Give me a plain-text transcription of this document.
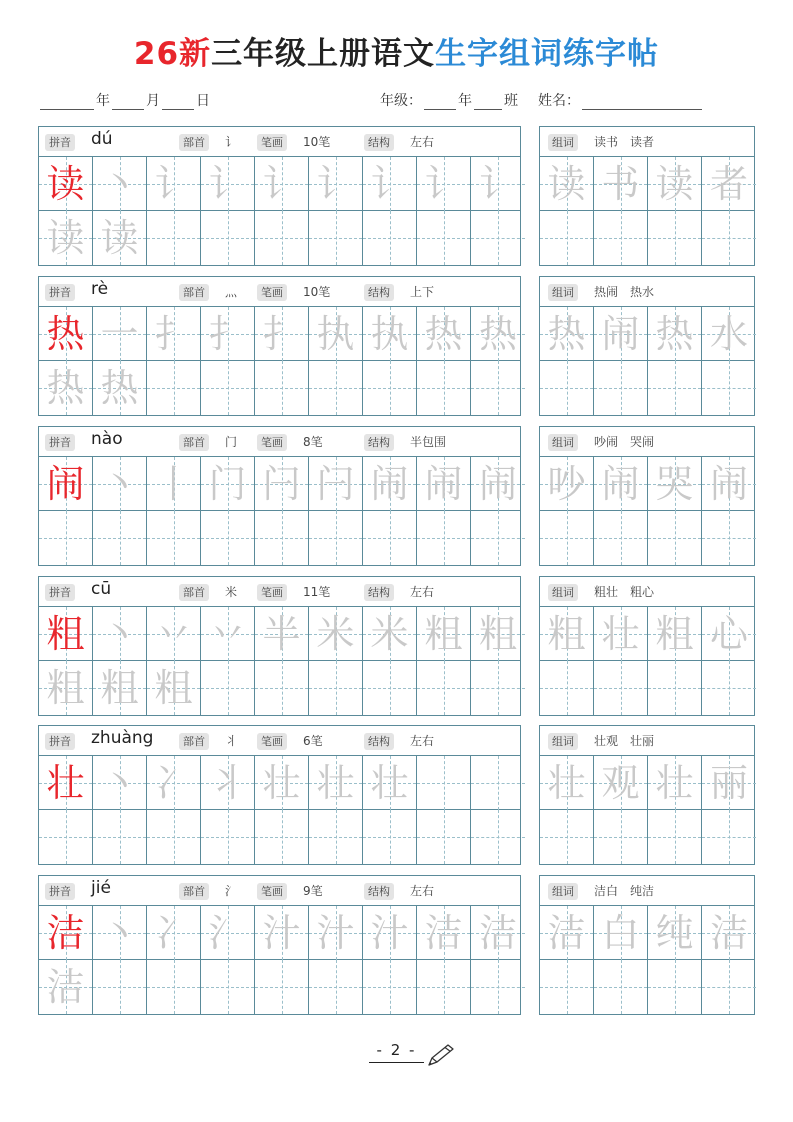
26新三年级上册语文生字组词练字帖
年	月	日	年级：	年 班 姓名：
拼音 dú	部首	讠	笔画	10笔	结构	左右
读 丶 讠 讠 讠 讠 讠 讠 讠
读 读
组词	读书　读者
读 书 读 者
拼音 rè	部首	灬	笔画	10笔	结构	上下
热 一 扌 扌 扌 执 执 热 热
热 热
组词	热闹　热水
热 闹 热 水
拼音 nào	部首	门	笔画	8笔	结构	半包围
闹 丶 丨 门 闩 闩 闹 闹 闹
组词	吵闹　哭闹
吵 闹 哭 闹
拼音 cū	部首	米	笔画	11笔	结构	左右
粗 丶 丷 丷 半 米 米 粗 粗
粗 粗 粗
组词	粗壮　粗心
粗 壮 粗 心
拼音 zhuàng	部首	丬	笔画	6笔	结构	左右
壮 丶 冫 丬 壮 壮 壮
组词	壮观　壮丽
壮 观 壮 丽
拼音 jié	部首	氵	笔画	9笔	结构	左右
洁 丶 冫 氵 汁 汁 汁 洁 洁
洁
组词	洁白　纯洁
洁 白 纯 洁
- 2 -
